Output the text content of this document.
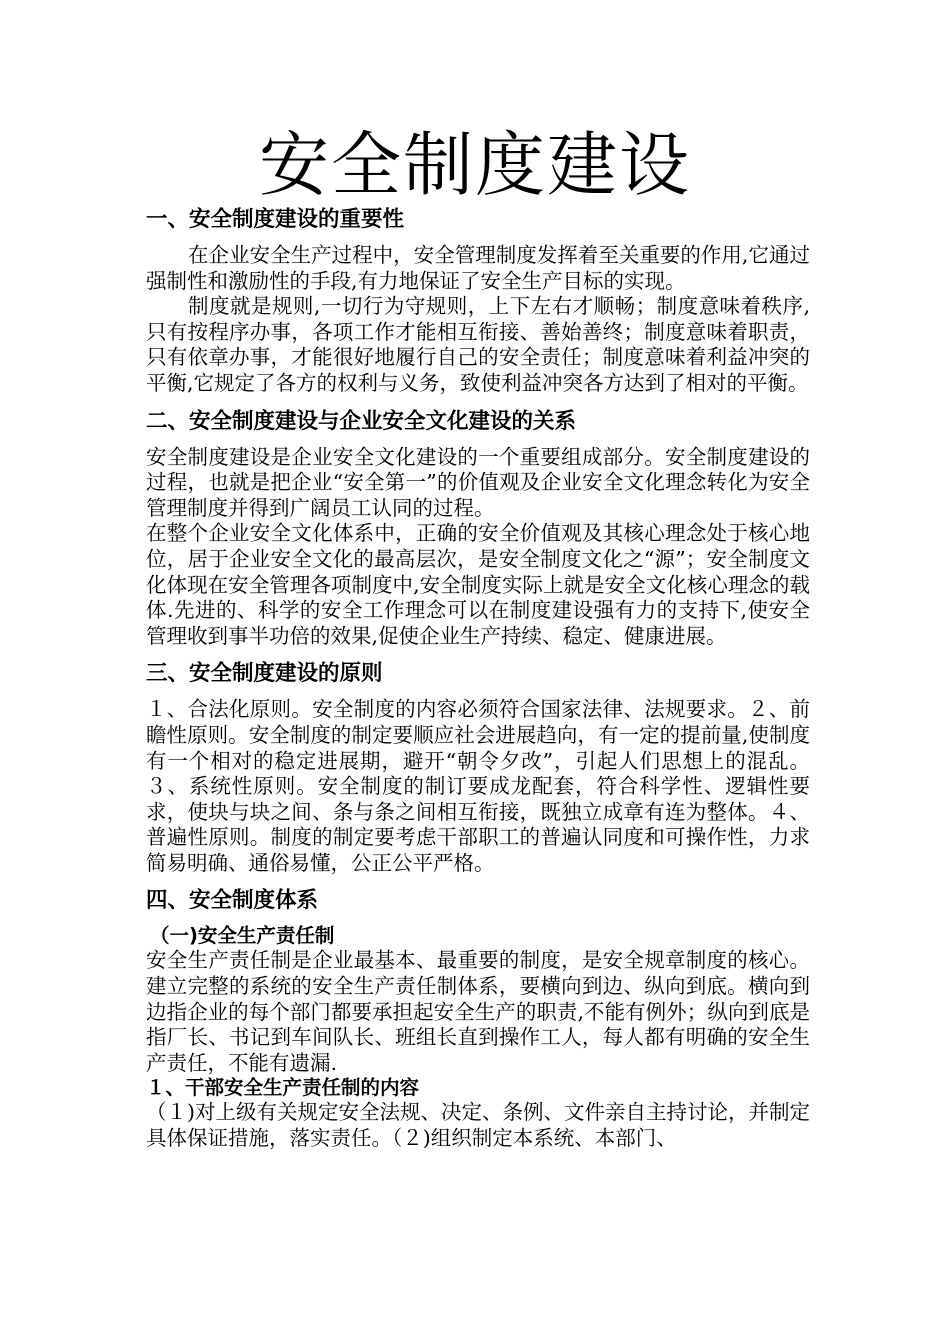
安全制度建设
一、安全制度建设的重要性

在企业安全生产过程中，安全管理制度发挥着至关重要的作用,它通过强制性和激励性的手段,有力地保证了安全生产目标的实现。

制度就是规则,一切行为守规则，上下左右才顺畅；制度意味着秩序,只有按程序办事，各项工作才能相互衔接、善始善终；制度意味着职责，只有依章办事，才能很好地履行自己的安全责任；制度意味着利益冲突的平衡,它规定了各方的权利与义务，致使利益冲突各方达到了相对的平衡。

二、安全制度建设与企业安全文化建设的关系

安全制度建设是企业安全文化建设的一个重要组成部分。安全制度建设的过程，也就是把企业“安全第一”的价值观及企业安全文化理念转化为安全管理制度并得到广阔员工认同的过程。

在整个企业安全文化体系中，正确的安全价值观及其核心理念处于核心地位，居于企业安全文化的最高层次，是安全制度文化之“源”；安全制度文化体现在安全管理各项制度中,安全制度实际上就是安全文化核心理念的载体.先进的、科学的安全工作理念可以在制度建设强有力的支持下,使安全管理收到事半功倍的效果,促使企业生产持续、稳定、健康进展。

三、安全制度建设的原则

１、合法化原则。安全制度的内容必须符合国家法律、法规要求。２、前瞻性原则。安全制度的制定要顺应社会进展趋向，有一定的提前量,使制度有一个相对的稳定进展期，避开“朝令夕改”，引起人们思想上的混乱。３、系统性原则。安全制度的制订要成龙配套，符合科学性、逻辑性要求，使块与块之间、条与条之间相互衔接，既独立成章有连为整体。４、普遍性原则。制度的制定要考虑干部职工的普遍认同度和可操作性，力求简易明确、通俗易懂，公正公平严格。

四、安全制度体系
（一)安全生产责任制

安全生产责任制是企业最基本、最重要的制度，是安全规章制度的核心。建立完整的系统的安全生产责任制体系，要横向到边、纵向到底。横向到边指企业的每个部门都要承担起安全生产的职责,不能有例外；纵向到底是指厂长、书记到车间队长、班组长直到操作工人，每人都有明确的安全生产责任，不能有遗漏.

１、干部安全生产责任制的内容

（１)对上级有关规定安全法规、决定、条例、文件亲自主持讨论，并制定具体保证措施，落实责任。（２)组织制定本系统、本部门、
